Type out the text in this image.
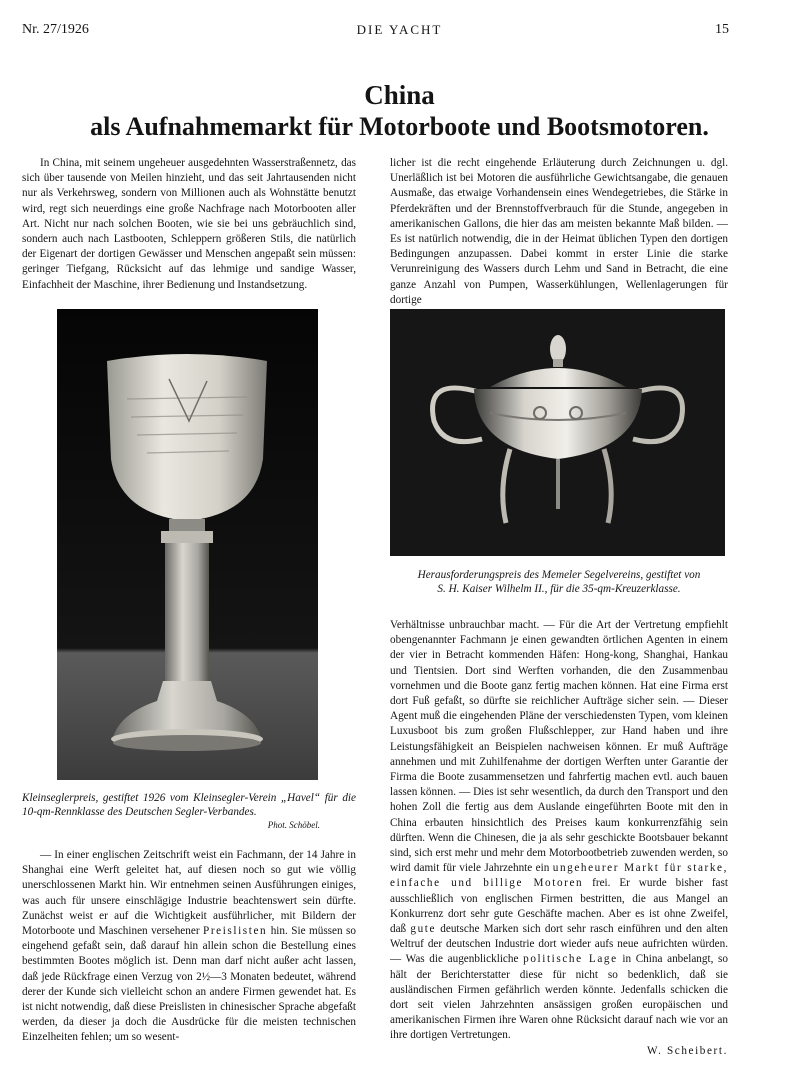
Nr. 27/1926	DIE YACHT	15
China
als Aufnahmemarkt für Motorboote und Bootsmotoren.

In China, mit seinem ungeheuer ausgedehnten Wasserstraßennetz, das sich über tausende von Meilen hinzieht, und das seit Jahrtausenden nicht nur als Verkehrsweg, sondern von Millionen auch als Wohnstätte benutzt wird, regt sich neuerdings eine große Nachfrage nach Motorbooten aller Art. Nicht nur nach solchen Booten, wie sie bei uns gebräuchlich sind, sondern auch nach Lastbooten, Schleppern größeren Stils, die natürlich der Eigenart der dortigen Gewässer und Menschen angepaßt sein müssen: geringer Tiefgang, Rücksicht auf das lehmige und sandige Wasser, Einfachheit der Maschine, ihrer Bedienung und Instandsetzung.

licher ist die recht eingehende Erläuterung durch Zeichnungen u. dgl. Unerläßlich ist bei Motoren die ausführliche Gewichtsangabe, die genauen Ausmaße, das etwaige Vorhandensein eines Wendegetriebes, die Stärke in Pferdekräften und der Brennstoffverbrauch für die Stunde, angegeben in amerikanischen Gallons, die hier das am meisten bekannte Maß bilden. — Es ist natürlich notwendig, die in der Heimat üblichen Typen den dortigen Bedingungen anzupassen. Dabei kommt in erster Linie die starke Verunreinigung des Wassers durch Lehm und Sand in Betracht, die eine ganze Anzahl von Pumpen, Wasserkühlungen, Wellenlagerungen für dortige

Kleinseglerpreis, gestiftet 1926 vom Kleinsegler-Verein „Havel“ für die 10-qm-Rennklasse des Deutschen Segler-Verbandes.
Phot. Schöbel.
Herausforderungspreis des Memeler Segelvereins, gestiftet von
S. H. Kaiser Wilhelm II., für die 35-qm-Kreuzerklasse.

— In einer englischen Zeitschrift weist ein Fachmann, der 14 Jahre in Shanghai eine Werft geleitet hat, auf diesen noch so gut wie völlig unerschlossenen Markt hin. Wir entnehmen seinen Ausführungen einiges, was auch für unsere einschlägige Industrie beachtenswert sein dürfte. Zunächst weist er auf die Wichtigkeit ausführlicher, mit Bildern der Motorboote und Maschinen versehener Preislisten hin. Sie müssen so eingehend gefaßt sein, daß darauf hin allein schon die Bestellung eines bestimmten Bootes möglich ist. Denn man darf nicht außer acht lassen, daß jede Rückfrage einen Verzug von 2½—3 Monaten bedeutet, während derer der Kunde sich vielleicht schon an andere Firmen gewendet hat. Es ist nicht notwendig, daß diese Preislisten in chinesischer Sprache abgefaßt werden, da dieser ja doch die Ausdrücke für die meisten technischen Einzelheiten fehlen; um so wesent-

Verhältnisse unbrauchbar macht. — Für die Art der Vertretung empfiehlt obengenannter Fachmann je einen gewandten örtlichen Agenten in einem der vier in Betracht kommenden Häfen: Hong-kong, Shanghai, Hankau und Tientsien. Dort sind Werften vorhanden, die den Zusammenbau vornehmen und die Boote ganz fertig machen können. Hat eine Firma erst dort Fuß gefaßt, so dürfte sie reichlicher Aufträge sicher sein. — Dieser Agent muß die eingehenden Pläne der verschiedensten Typen, vom kleinen Luxusboot bis zum großen Flußschlepper, zur Hand haben und ihre Leistungsfähigkeit an Beispielen nachweisen können. Er muß Aufträge annehmen und mit Zuhilfenahme der dortigen Werften unter Garantie der Firma die Boote zusammensetzen und fahrfertig machen evtl. auch bauen lassen können. — Dies ist sehr wesentlich, da durch den Transport und den hohen Zoll die fertig aus dem Auslande eingeführten Boote mit den in China erbauten hinsichtlich des Preises kaum konkurrenzfähig sein dürften. Wenn die Chinesen, die ja als sehr geschickte Bootsbauer bekannt sind, sich erst mehr und mehr dem Motorbootbetrieb zuwenden werden, so wird damit für viele Jahrzehnte ein ungeheurer Markt für starke, einfache und billige Motoren frei. Er wurde bisher fast ausschließlich von englischen Firmen bestritten, die aus Mangel an Konkurrenz dort sehr gute Geschäfte machen. Aber es ist ohne Zweifel, daß gute deutsche Marken sich dort sehr rasch einführen und den alten Weltruf der deutschen Industrie dort wieder aufs neue aufrichten würden. — Was die augenblickliche politische Lage in China anbelangt, so hält der Berichterstatter diese für nicht so bedenklich, daß sie ausländischen Firmen gefährlich werden könnte. Jedenfalls schicken die dort seit vielen Jahrzehnten ansässigen großen europäischen und amerikanischen Firmen ihre Waren ohne Rücksicht darauf nach wie vor an ihre dortigen Vertretungen.

W. Scheibert.
